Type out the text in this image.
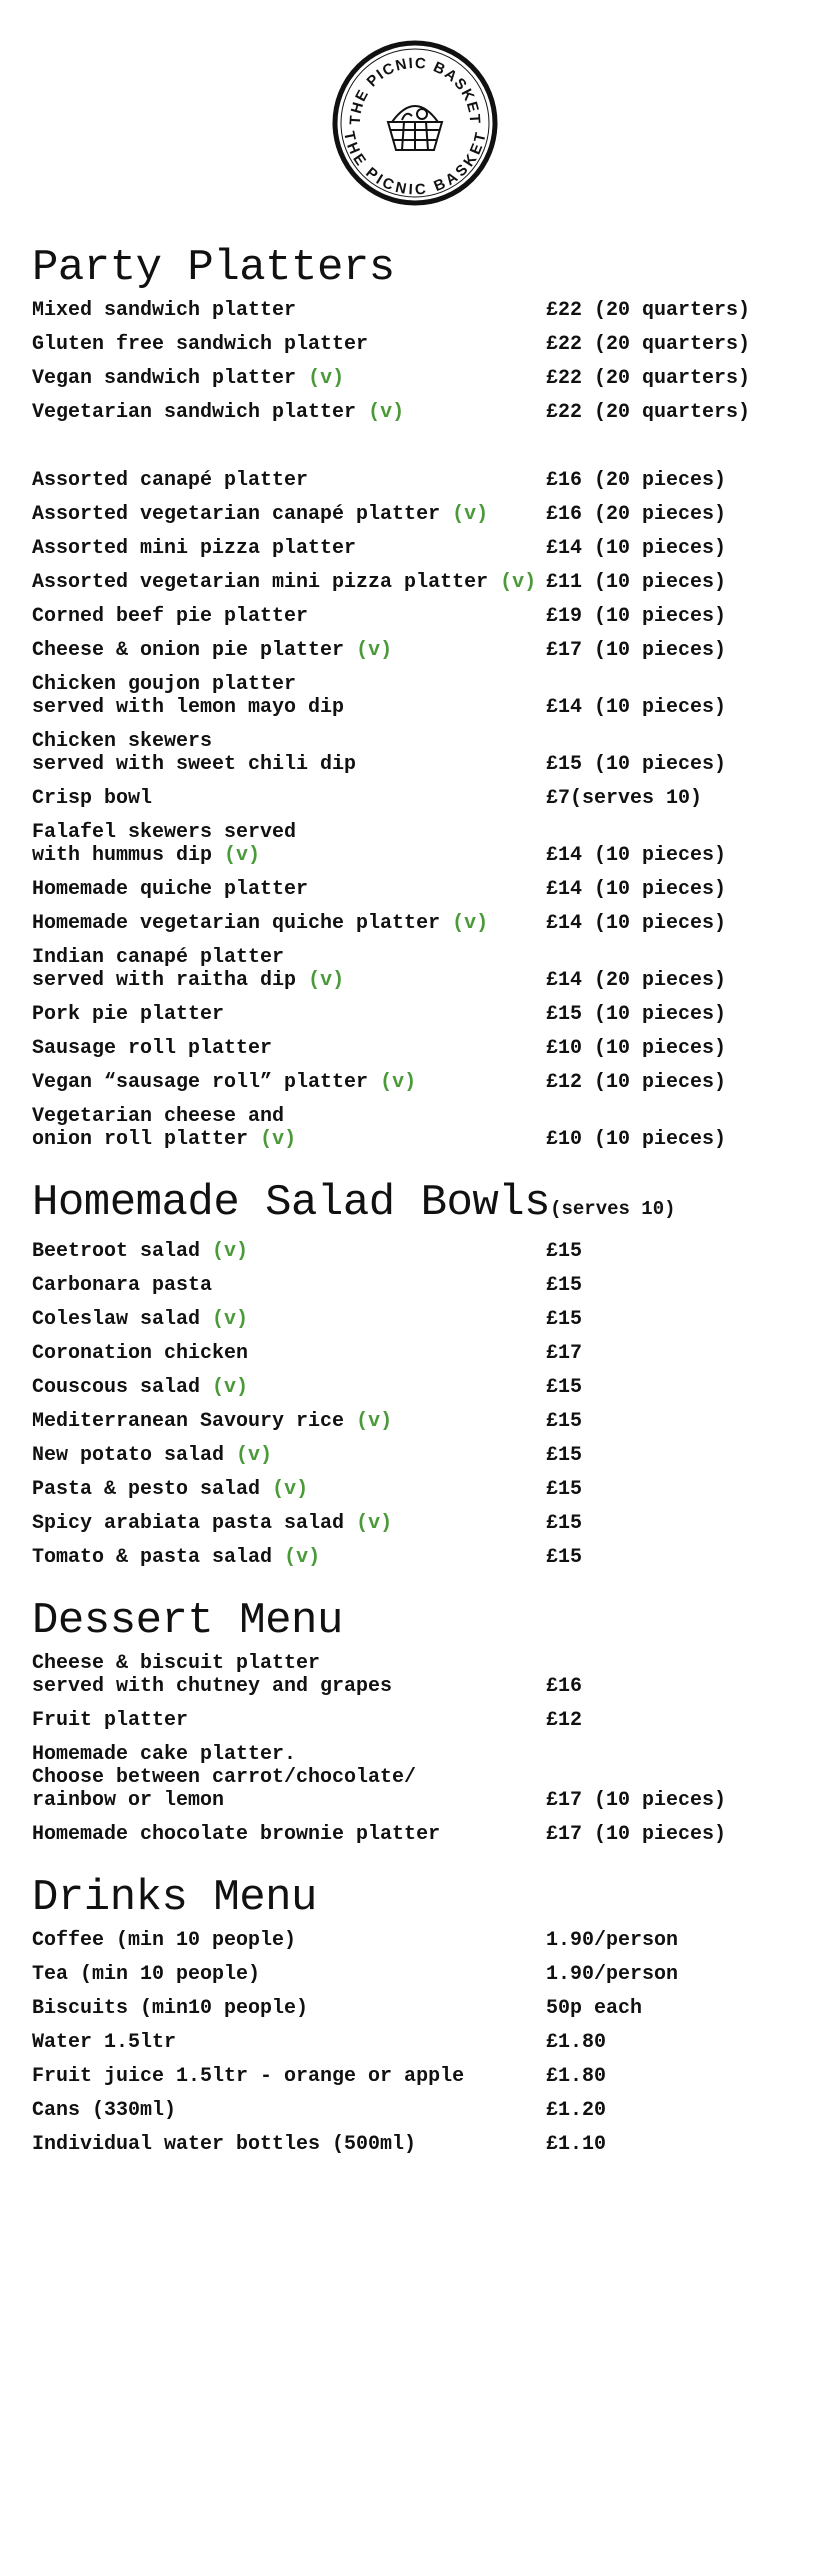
THE PICNIC BASKET
THE PICNIC BASKET
Party Platters
Mixed sandwich platter	£22 (20 quarters)
Gluten free sandwich platter	£22 (20 quarters)
Vegan sandwich platter (v)	£22 (20 quarters)
Vegetarian sandwich platter (v)	£22 (20 quarters)
Assorted canapé platter	£16 (20 pieces)
Assorted vegetarian canapé platter (v)	£16 (20 pieces)
Assorted mini pizza platter	£14 (10 pieces)
Assorted vegetarian mini pizza platter (v) £11 (10 pieces)
Corned beef pie platter	£19 (10 pieces)
Cheese & onion pie platter (v)	£17 (10 pieces)
Chicken goujon platter
served with lemon mayo dip	£14 (10 pieces)
Chicken skewers
served with sweet chili dip	£15 (10 pieces)
Crisp bowl	£7(serves 10)
Falafel skewers served
with hummus dip (v)	£14 (10 pieces)
Homemade quiche platter	£14 (10 pieces)
Homemade vegetarian quiche platter (v)	£14 (10 pieces)
Indian canapé platter
served with raitha dip (v)	£14 (20 pieces)
Pork pie platter	£15 (10 pieces)
Sausage roll platter	£10 (10 pieces)
Vegan “sausage roll” platter (v)	£12 (10 pieces)
Vegetarian cheese and
onion roll platter (v)	£10 (10 pieces)
Homemade Salad Bowls(serves 10)
Beetroot salad (v)	£15
Carbonara pasta	£15
Coleslaw salad (v)	£15
Coronation chicken	£17
Couscous salad (v)	£15
Mediterranean Savoury rice (v)	£15
New potato salad (v)	£15
Pasta & pesto salad (v)	£15
Spicy arabiata pasta salad (v)	£15
Tomato & pasta salad (v)	£15
Dessert Menu
Cheese & biscuit platter
served with chutney and grapes	£16
Fruit platter	£12
Homemade cake platter.
Choose between carrot/chocolate/
rainbow or lemon	£17 (10 pieces)
Homemade chocolate brownie platter	£17 (10 pieces)
Drinks Menu
Coffee (min 10 people)	1.90/person
Tea (min 10 people)	1.90/person
Biscuits (min10 people)	50p each
Water 1.5ltr	£1.80
Fruit juice 1.5ltr - orange or apple	£1.80
Cans (330ml)	£1.20
Individual water bottles (500ml)	£1.10
